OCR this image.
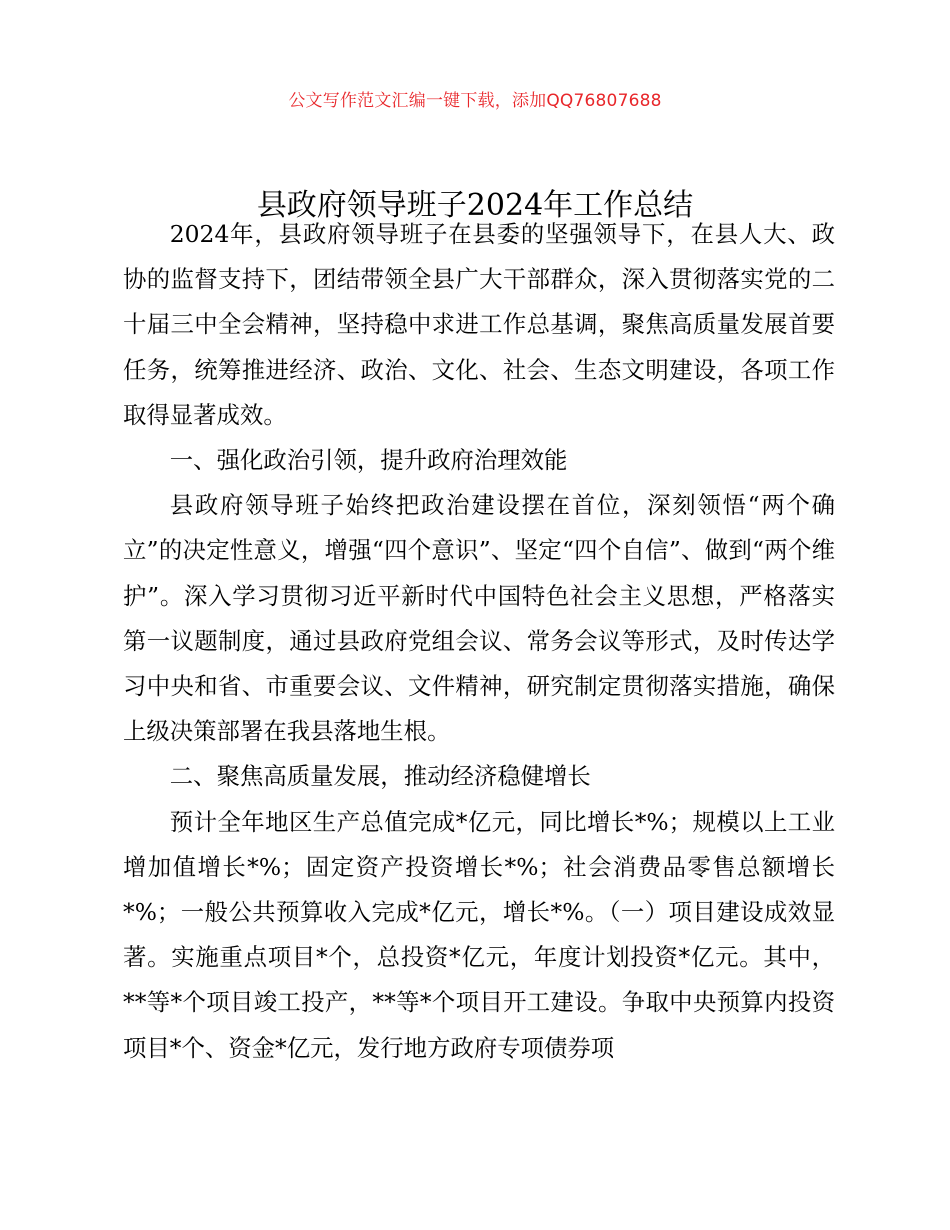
公文写作范文汇编一键下载，添加QQ76807688
县政府领导班子2024年工作总结

2024年，县政府领导班子在县委的坚强领导下，在县人大、政协的监督支持下，团结带领全县广大干部群众，深入贯彻落实党的二十届三中全会精神，坚持稳中求进工作总基调，聚焦高质量发展首要任务，统筹推进经济、政治、文化、社会、生态文明建设，各项工作取得显著成效。

一、强化政治引领，提升政府治理效能

县政府领导班子始终把政治建设摆在首位，深刻领悟“两个确立”的决定性意义，增强“四个意识”、坚定“四个自信”、做到“两个维护”。深入学习贯彻习近平新时代中国特色社会主义思想，严格落实第一议题制度，通过县政府党组会议、常务会议等形式，及时传达学习中央和省、市重要会议、文件精神，研究制定贯彻落实措施，确保上级决策部署在我县落地生根。

二、聚焦高质量发展，推动经济稳健增长

预计全年地区生产总值完成*亿元，同比增长*%；规模以上工业增加值增长*%；固定资产投资增长*%；社会消费品零售总额增长*%；一般公共预算收入完成*亿元，增长*%。（一）项目建设成效显著。实施重点项目*个，总投资*亿元，年度计划投资*亿元。其中，**等*个项目竣工投产，**等*个项目开工建设。争取中央预算内投资项目*个、资金*亿元，发行地方政府专项债券项
